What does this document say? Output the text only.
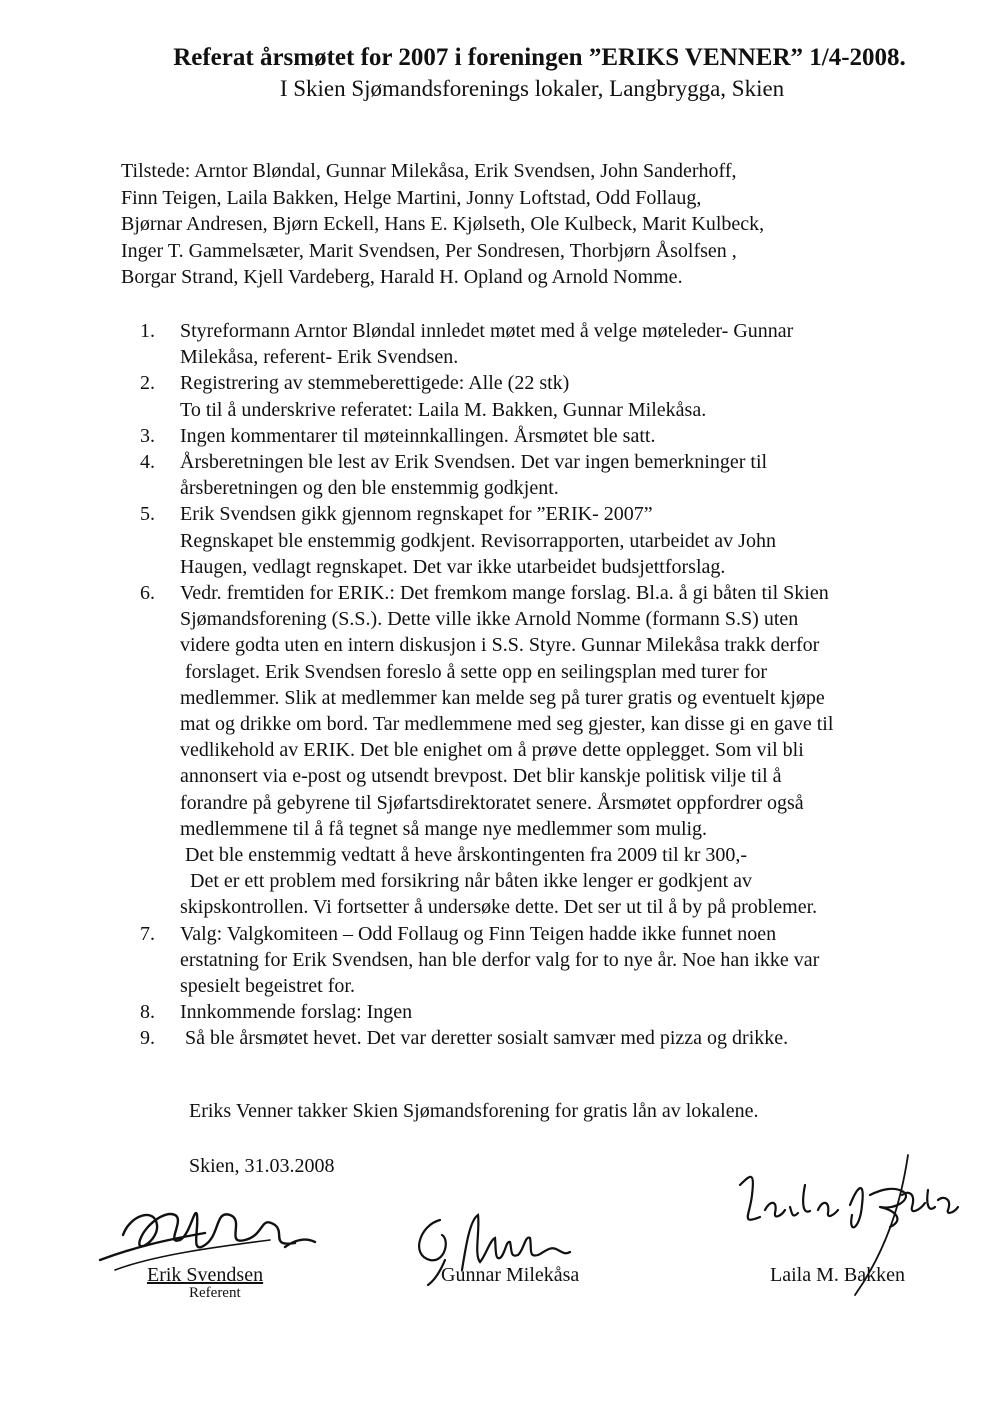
Referat årsmøtet for 2007 i foreningen ”ERIKS VENNER” 1/4-2008.
I Skien Sjømandsforenings lokaler, Langbrygga, Skien
Tilstede: Arntor Bløndal, Gunnar Milekåsa, Erik Svendsen, John Sanderhoff,
Finn Teigen, Laila Bakken, Helge Martini, Jonny Loftstad, Odd Follaug,
Bjørnar Andresen, Bjørn Eckell, Hans E. Kjølseth, Ole Kulbeck, Marit Kulbeck,
Inger T. Gammelsæter, Marit Svendsen, Per Sondresen, Thorbjørn Åsolfsen ,
Borgar Strand, Kjell Vardeberg, Harald H. Opland og Arnold Nomme.
1.	Styreformann Arntor Bløndal innledet møtet med å velge møteleder- Gunnar
Milekåsa, referent- Erik Svendsen.
2.	Registrering av stemmeberettigede: Alle (22 stk)
To til å underskrive referatet: Laila M. Bakken, Gunnar Milekåsa.
3.	Ingen kommentarer til møteinnkallingen. Årsmøtet ble satt.
4.	Årsberetningen ble lest av Erik Svendsen. Det var ingen bemerkninger til
årsberetningen og den ble enstemmig godkjent.
5.	Erik Svendsen gikk gjennom regnskapet for ”ERIK- 2007”
Regnskapet ble enstemmig godkjent. Revisorrapporten, utarbeidet av John
Haugen, vedlagt regnskapet. Det var ikke utarbeidet budsjettforslag.
6.	Vedr. fremtiden for ERIK.: Det fremkom mange forslag. Bl.a. å gi båten til Skien
Sjømandsforening (S.S.). Dette ville ikke Arnold Nomme (formann S.S) uten
videre godta uten en intern diskusjon i S.S. Styre. Gunnar Milekåsa trakk derfor
forslaget. Erik Svendsen foreslo å sette opp en seilingsplan med turer for
medlemmer. Slik at medlemmer kan melde seg på turer gratis og eventuelt kjøpe
mat og drikke om bord. Tar medlemmene med seg gjester, kan disse gi en gave til
vedlikehold av ERIK. Det ble enighet om å prøve dette opplegget. Som vil bli
annonsert via e-post og utsendt brevpost. Det blir kanskje politisk vilje til å
forandre på gebyrene til Sjøfartsdirektoratet senere. Årsmøtet oppfordrer også
medlemmene til å få tegnet så mange nye medlemmer som mulig.
Det ble enstemmig vedtatt å heve årskontingenten fra 2009 til kr 300,-
Det er ett problem med forsikring når båten ikke lenger er godkjent av
skipskontrollen. Vi fortsetter å undersøke dette. Det ser ut til å by på problemer.
7.	Valg: Valgkomiteen – Odd Follaug og Finn Teigen hadde ikke funnet noen
erstatning for Erik Svendsen, han ble derfor valg for to nye år. Noe han ikke var
spesielt begeistret for.
8.	Innkommende forslag: Ingen
9.	Så ble årsmøtet hevet. Det var deretter sosialt samvær med pizza og drikke.
Eriks Venner takker Skien Sjømandsforening for gratis lån av lokalene.
Skien, 31.03.2008
Erik Svendsen
Referent
Gunnar Milekåsa	Laila M. Bakken
